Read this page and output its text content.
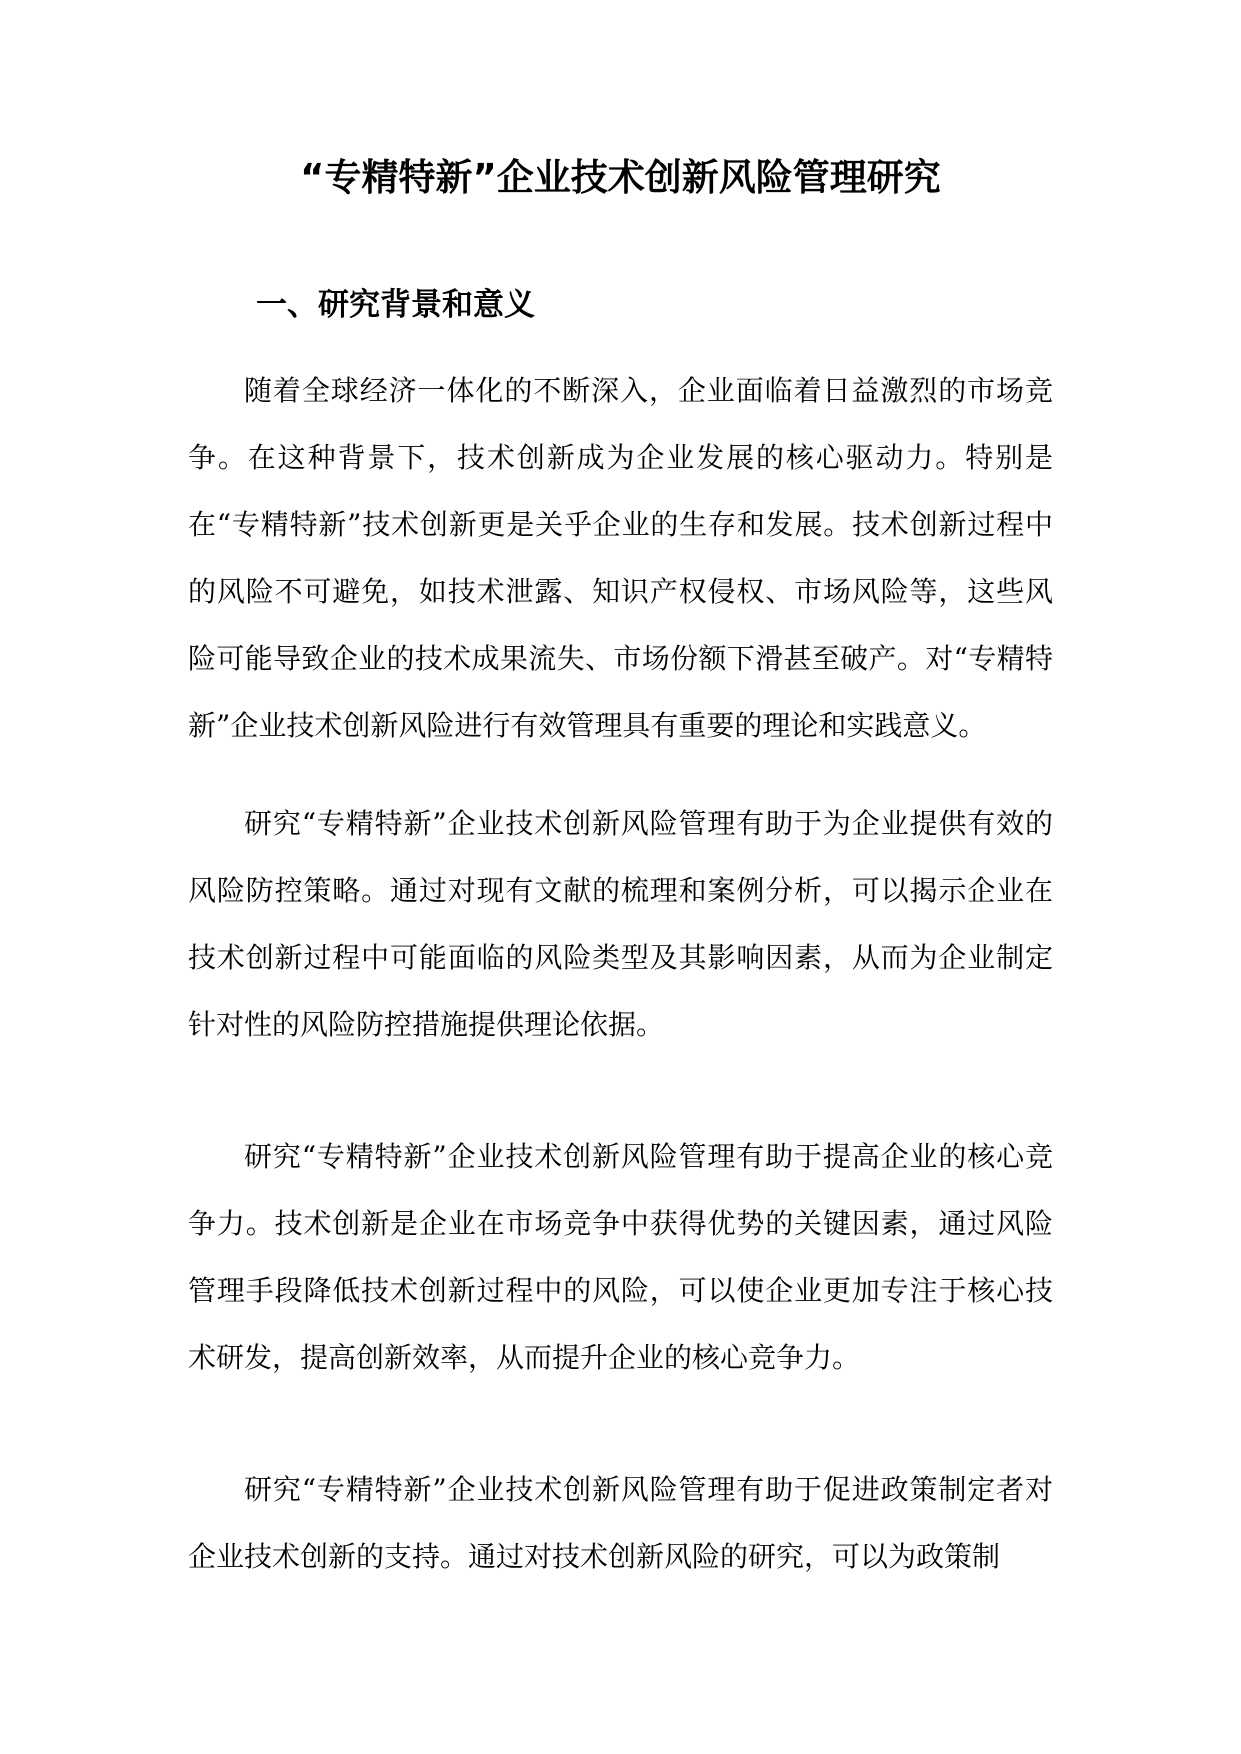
“专精特新”企业技术创新风险管理研究
一、研究背景和意义

随着全球经济一体化的不断深入，企业面临着日益激烈的市场竞争。在这种背景下，技术创新成为企业发展的核心驱动力。特别是在“专精特新”技术创新更是关乎企业的生存和发展。技术创新过程中的风险不可避免，如技术泄露、知识产权侵权、市场风险等，这些风险可能导致企业的技术成果流失、市场份额下滑甚至破产。对“专精特新”企业技术创新风险进行有效管理具有重要的理论和实践意义。

研究“专精特新”企业技术创新风险管理有助于为企业提供有效的风险防控策略。通过对现有文献的梳理和案例分析，可以揭示企业在技术创新过程中可能面临的风险类型及其影响因素，从而为企业制定针对性的风险防控措施提供理论依据。

研究“专精特新”企业技术创新风险管理有助于提高企业的核心竞争力。技术创新是企业在市场竞争中获得优势的关键因素，通过风险管理手段降低技术创新过程中的风险，可以使企业更加专注于核心技术研发，提高创新效率，从而提升企业的核心竞争力。

研究“专精特新”企业技术创新风险管理有助于促进政策制定者对企业技术创新的支持。通过对技术创新风险的研究，可以为政策制
